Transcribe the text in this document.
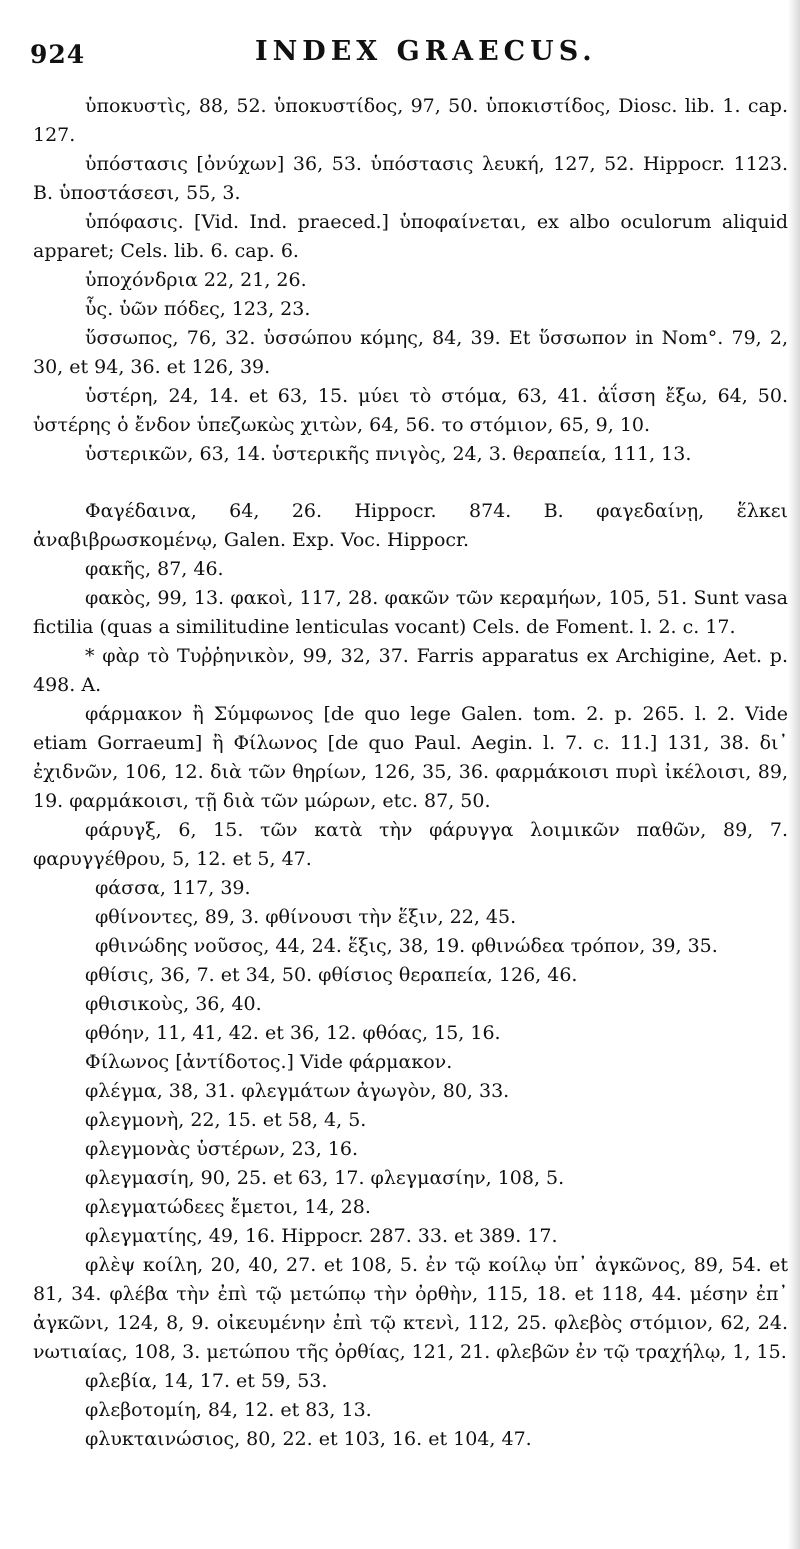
924	INDEX GRAECUS.

ὑποκυστὶς, 88, 52. ὑποκυστίδος, 97, 50. ὑποκιστίδος, Diosc. lib. 1. cap. 127.

ὑπόστασις [ὀνύχων] 36, 53. ὑπόστασις λευκή, 127, 52. Hippocr. 1123. B. ὑποστάσεσι, 55, 3.

ὑπόφασις. [Vid. Ind. praeced.] ὑποφαίνεται, ex albo oculorum aliquid apparet; Cels. lib. 6. cap. 6.

ὑποχόνδρια 22, 21, 26.

ὗς. ὑῶν πόδες, 123, 23.

ὕσσωπος, 76, 32. ὑσσώπου κόμης, 84, 39. Et ὕσσωπον in Nom°. 79, 2, 30, et 94, 36. et 126, 39.

ὑστέρη, 24, 14. et 63, 15. μύει τὸ στόμα, 63, 41. ἀΐσση ἔξω, 64, 50. ὑστέρης ὁ ἔνδον ὑπεζωκὼς χιτὼν, 64, 56. το στόμιον, 65, 9, 10.

ὑστερικῶν, 63, 14. ὑστερικῆς πνιγὸς, 24, 3. θεραπεία, 111, 13.

Φαγέδαινα, 64, 26. Hippocr. 874. B. φαγεδαίνῃ, ἕλκει ἀναβιβρωσκομένῳ, Galen. Exp. Voc. Hippocr.

φακῆς, 87, 46.

φακὸς, 99, 13. φακοὶ, 117, 28. φακῶν τῶν κεραμήων, 105, 51. Sunt vasa fictilia (quas a similitudine lenticulas vocant) Cels. de Foment. l. 2. c. 17.

* φὰρ τὸ Τυῤῥηνικὸν, 99, 32, 37. Farris apparatus ex Archigine, Aet. p. 498. A.

φάρμακον ἢ Σύμφωνος [de quo lege Galen. tom. 2. p. 265. l. 2. Vide etiam Gorraeum] ἢ Φίλωνος [de quo Paul. Aegin. l. 7. c. 11.] 131, 38. δι᾽ ἐχιδνῶν, 106, 12. διὰ τῶν θηρίων, 126, 35, 36. φαρμάκοισι πυρὶ ἰκέλοισι, 89, 19. φαρμάκοισι, τῇ διὰ τῶν μώρων, etc. 87, 50.

φάρυγξ, 6, 15. τῶν κατὰ τὴν φάρυγγα λοιμικῶν παθῶν, 89, 7. φαρυγγέθρου, 5, 12. et 5, 47.

φάσσα, 117, 39.

φθίνοντες, 89, 3. φθίνουσι τὴν ἕξιν, 22, 45.

φθινώδης νοῦσος, 44, 24. ἕξις, 38, 19. φθινώδεα τρόπον, 39, 35.

φθίσις, 36, 7. et 34, 50. φθίσιος θεραπεία, 126, 46.

φθισικοὺς, 36, 40.

φθόην, 11, 41, 42. et 36, 12. φθόας, 15, 16.

Φίλωνος [ἀντίδοτος.] Vide φάρμακον.

φλέγμα, 38, 31. φλεγμάτων ἀγωγὸν, 80, 33.

φλεγμονὴ, 22, 15. et 58, 4, 5.

φλεγμονὰς ὑστέρων, 23, 16.

φλεγμασίη, 90, 25. et 63, 17. φλεγμασίην, 108, 5.

φλεγματώδεες ἔμετοι, 14, 28.

φλεγματίης, 49, 16. Hippocr. 287. 33. et 389. 17.

φλὲψ κοίλη, 20, 40, 27. et 108, 5. ἐν τῷ κοίλῳ ὑπ᾽ ἀγκῶνος, 89, 54. et 81, 34. φλέβα τὴν ἐπὶ τῷ μετώπῳ τὴν ὀρθὴν, 115, 18. et 118, 44. μέσην ἐπ᾽ ἀγκῶνι, 124, 8, 9. οἰκευμένην ἐπὶ τῷ κτενὶ, 112, 25. φλεβὸς στόμιον, 62, 24. νωτιαίας, 108, 3. μετώπου τῆς ὀρθίας, 121, 21. φλεβῶν ἐν τῷ τραχήλῳ, 1, 15.

φλεβία, 14, 17. et 59, 53.

φλεβοτομίη, 84, 12. et 83, 13.

φλυκταινώσιος, 80, 22. et 103, 16. et 104, 47.
